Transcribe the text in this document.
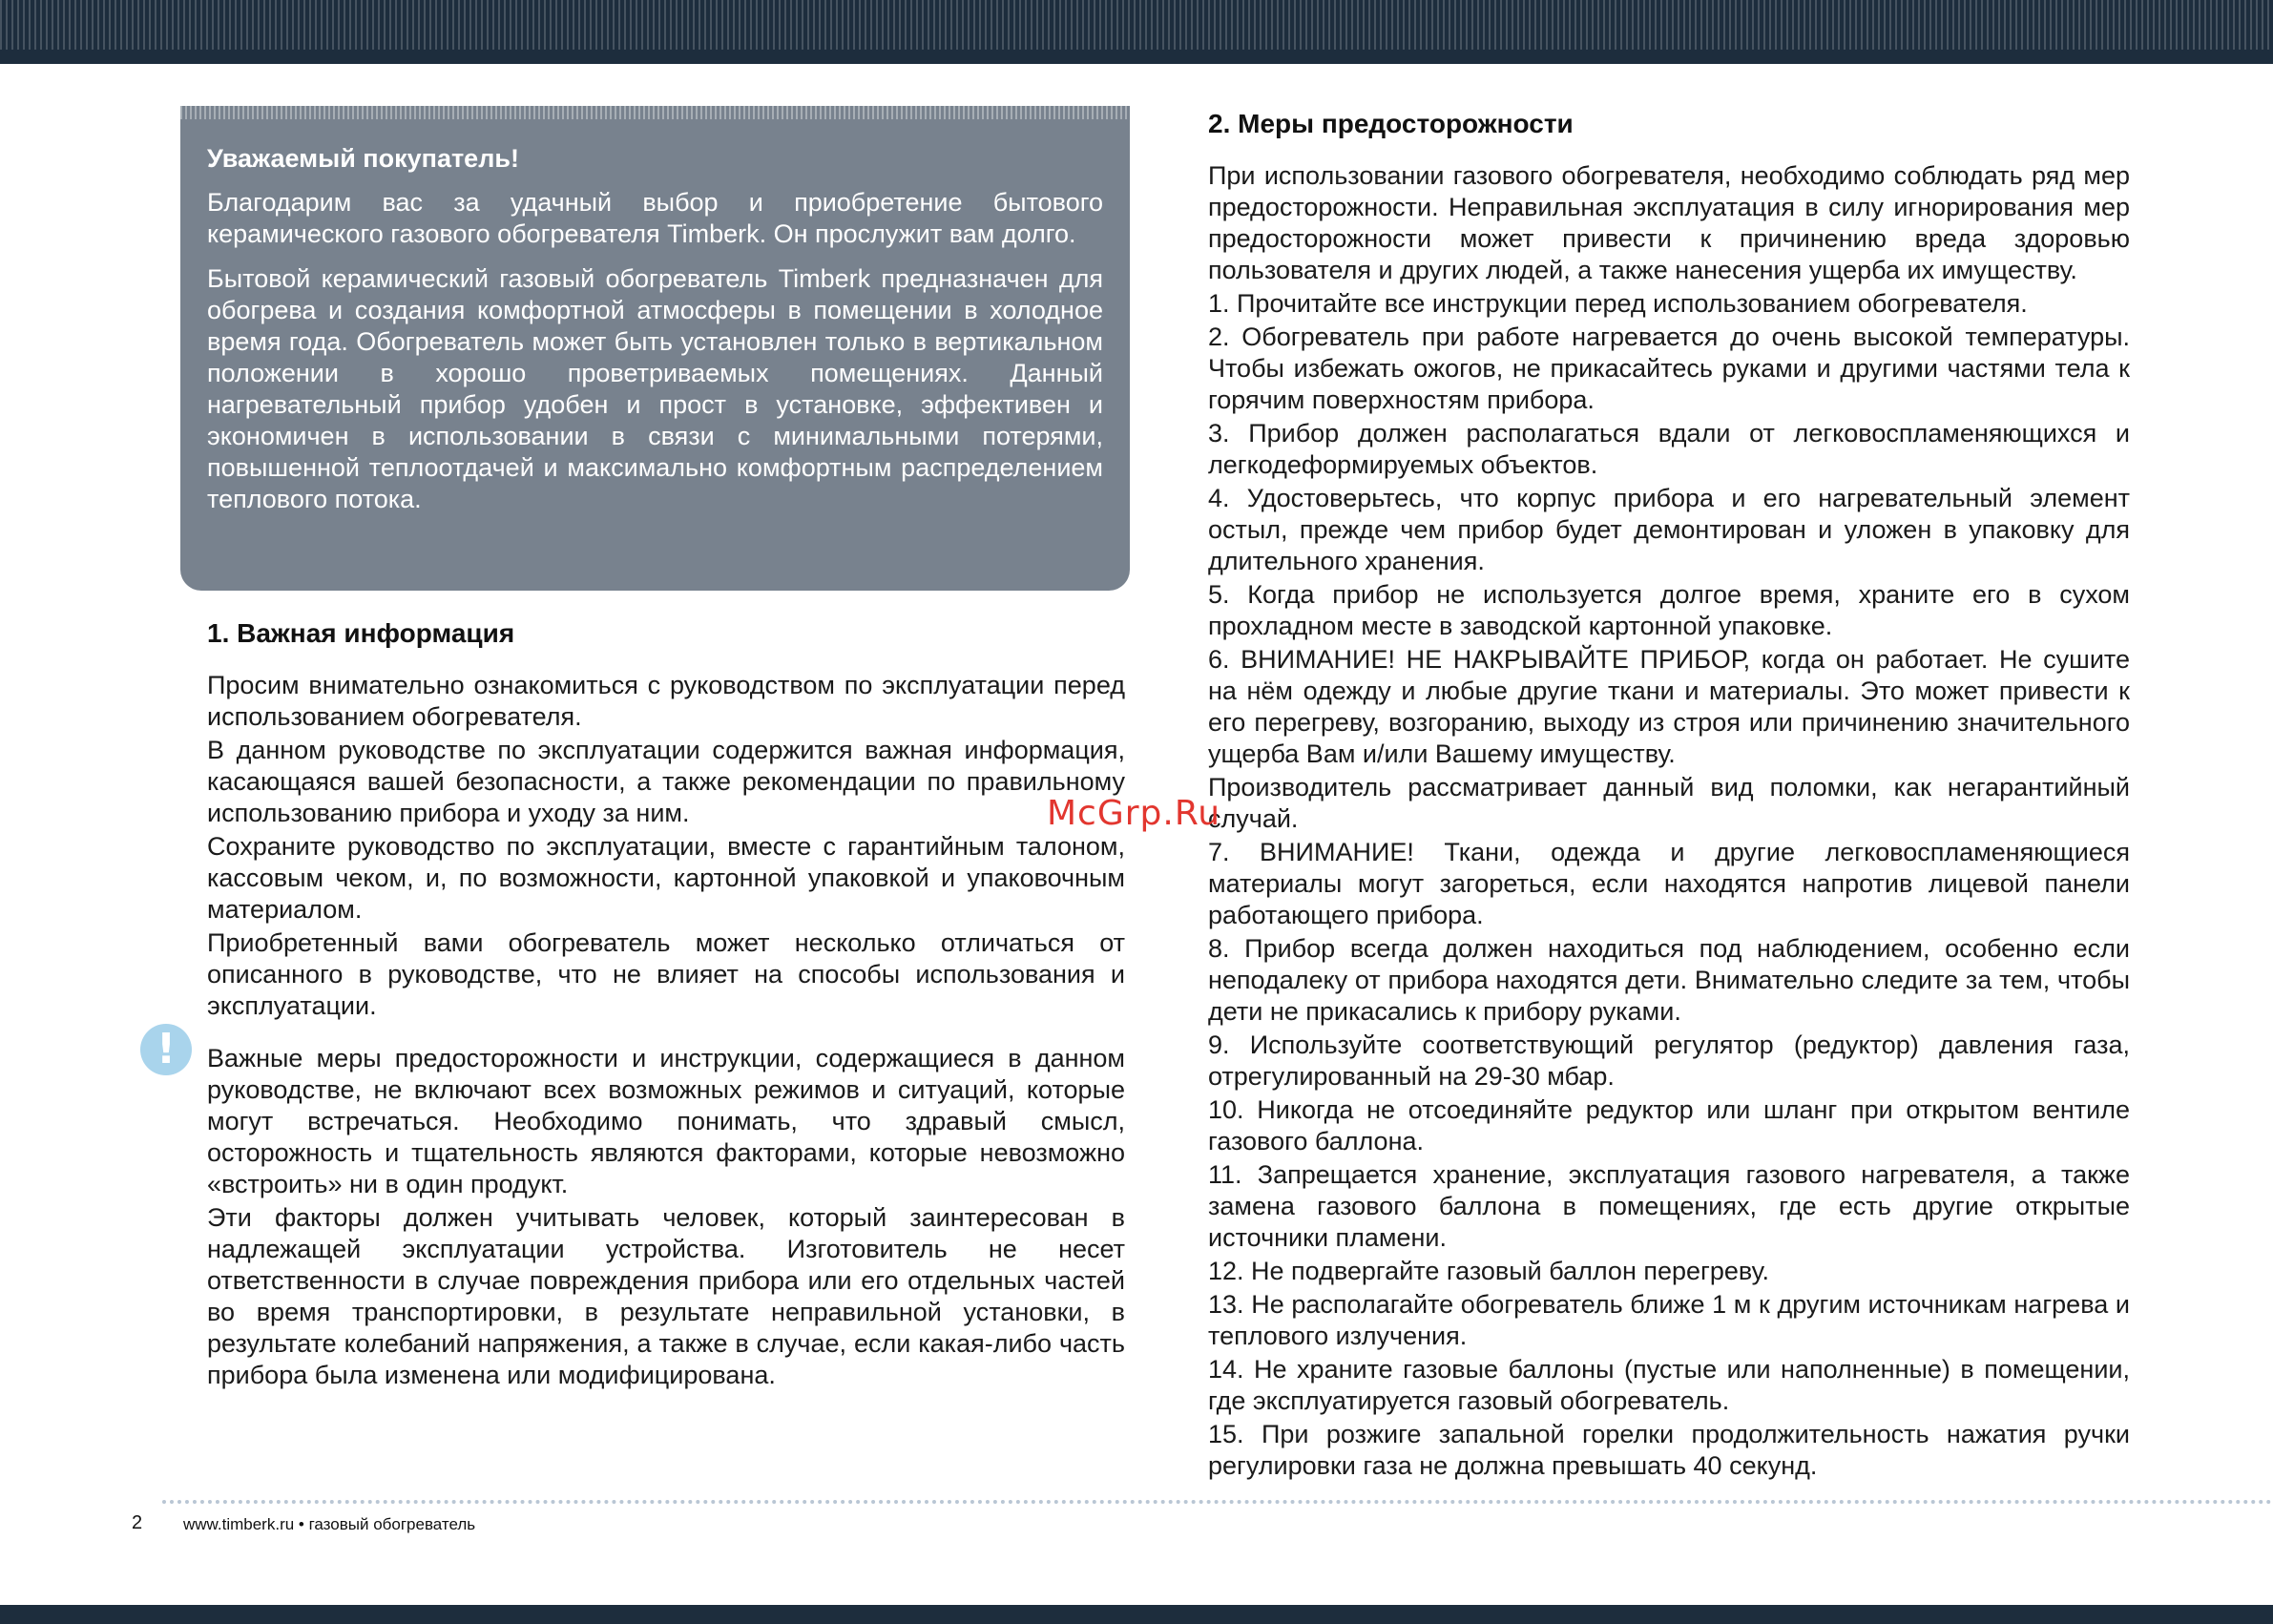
Уважаемый покупатель!

Благодарим вас за удачный выбор и приобретение бытового керамического газового обогревателя Timberk. Он прослужит вам долго.

Бытовой керамический газовый обогреватель Timberk предназначен для обогрева и создания комфортной атмосферы в помещении в холодное время года. Обогреватель может быть установлен только в вертикальном положении в хорошо проветриваемых помещениях. Данный нагревательный прибор удобен и прост в установке, эффективен и экономичен в использовании в связи с минимальными потерями, повышенной теплоотдачей и максимально комфортным распределением теплового потока.

1. Важная информация

Просим внимательно ознакомиться с руководством по эксплуатации перед использованием обогревателя.

В данном руководстве по эксплуатации содержится важная информация, касающаяся вашей безопасности, а также рекомендации по правильному использованию прибора и уходу за ним.

Сохраните руководство по эксплуатации, вместе с гарантийным талоном, кассовым чеком, и, по возможности, картонной упаковкой и упаковочным материалом.

Приобретенный вами обогреватель может несколько отличаться от описанного в руководстве, что не влияет на способы использования и эксплуатации.

Важные меры предосторожности и инструкции, содержащиеся в данном руководстве, не включают всех возможных режимов и ситуаций, которые могут встречаться. Необходимо понимать, что здравый смысл, осторожность и тщательность являются факторами, которые невозможно «встроить» ни в один продукт.

Эти факторы должен учитывать человек, который заинтересован в надлежащей эксплуатации устройства. Изготовитель не несет ответственности в случае повреждения прибора или его отдельных частей во время транспортировки, в результате неправильной установки, в результате колебаний напряжения, а также в случае, если какая-либо часть прибора была изменена или модифицирована.

!
2. Меры предосторожности

При использовании газового обогревателя, необходимо соблюдать ряд мер предосторожности. Неправильная эксплуатация в силу игнорирования мер предосторожности может привести к причинению вреда здоровью пользователя и других людей, а также нанесения ущерба их имуществу.

1. Прочитайте все инструкции перед использованием обогревателя.

2. Обогреватель при работе нагревается до очень высокой температуры. Чтобы избежать ожогов, не прикасайтесь руками и другими частями тела к горячим поверхностям прибора.

3. Прибор должен располагаться вдали от легковоспламеняющихся и легкодеформируемых объектов.

4. Удостоверьтесь, что корпус прибора и его нагревательный элемент остыл, прежде чем прибор будет демонтирован и уложен в упаковку для длительного хранения.

5. Когда прибор не используется долгое время, храните его в сухом прохладном месте в заводской картонной упаковке.

6. ВНИМАНИЕ! НЕ НАКРЫВАЙТЕ ПРИБОР, когда он работает. Не сушите на нём одежду и любые другие ткани и материалы. Это может привести к его перегреву, возгоранию, выходу из строя или причинению значительного ущерба Вам и/или Вашему имуществу.

Производитель рассматривает данный вид поломки, как негарантийный случай.

7. ВНИМАНИЕ! Ткани, одежда и другие легковоспламеняющиеся материалы могут загореться, если находятся напротив лицевой панели работающего прибора.

8. Прибор всегда должен находиться под наблюдением, особенно если неподалеку от прибора находятся дети. Внимательно следите за тем, чтобы дети не прикасались к прибору руками.

9. Используйте соответствующий регулятор (редуктор) давления газа, отрегулированный на 29-30 мбар.

10. Никогда не отсоединяйте редуктор или шланг при открытом вентиле газового баллона.

11. Запрещается хранение, эксплуатация газового нагревателя, а также замена газового баллона в помещениях, где есть другие открытые источники пламени.

12. Не подвергайте газовый баллон перегреву.

13. Не располагайте обогреватель ближе 1 м к другим источникам нагрева и теплового излучения.

14. Не храните газовые баллоны (пустые или наполненные) в помещении, где эксплуатируется газовый обогреватель.

15. При розжиге запальной горелки продолжительность нажатия ручки регулировки газа не должна превышать 40 секунд.

McGrp.Ru
2	www.timberk.ru • газовый обогреватель
